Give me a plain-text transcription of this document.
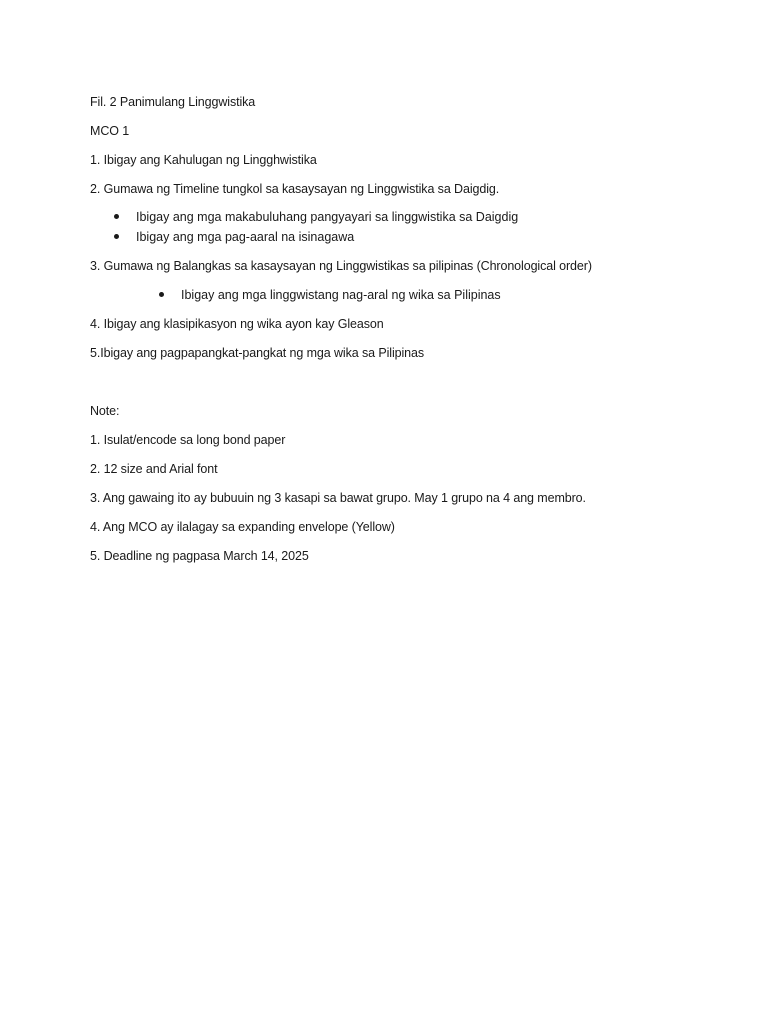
Fil. 2 Panimulang Linggwistika
MCO 1
1. Ibigay ang Kahulugan ng Lingghwistika
2. Gumawa ng Timeline tungkol sa kasaysayan ng Linggwistika sa Daigdig.
Ibigay ang mga makabuluhang pangyayari sa linggwistika sa Daigdig
Ibigay ang mga pag-aaral na isinagawa
3. Gumawa ng Balangkas sa kasaysayan ng Linggwistikas sa pilipinas (Chronological order)
Ibigay ang mga linggwistang nag-aral ng wika sa Pilipinas
4. Ibigay ang klasipikasyon ng wika ayon kay Gleason
5.Ibigay ang pagpapangkat-pangkat ng mga wika sa Pilipinas
Note:
1. Isulat/encode sa long bond paper
2. 12 size and Arial font
3. Ang gawaing ito ay bubuuin ng 3 kasapi sa bawat grupo. May 1 grupo na 4 ang membro.
4. Ang MCO ay ilalagay sa expanding envelope (Yellow)
5. Deadline ng pagpasa March 14, 2025
